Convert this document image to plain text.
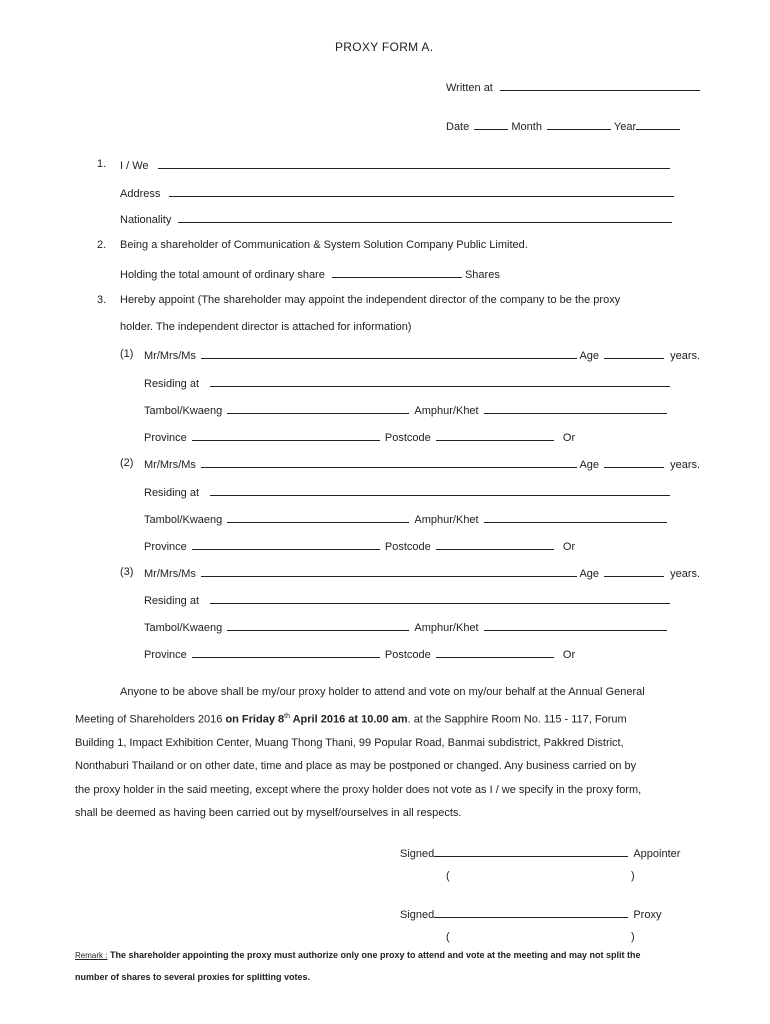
PROXY FORM A.
Written at
Date	Month	Year
1. I / We
Address
Nationality
2. Being a shareholder of Communication & System Solution Company Public Limited.
Holding the total amount of ordinary share	Shares
3. Hereby appoint (The shareholder may appoint the independent director of the company to be the proxy
holder. The independent director is attached for information)
(1) Mr/Mrs/Ms	Age	years.
Residing at
Tambol/Kwaeng	Amphur/Khet
Province	Postcode	Or
(2) Mr/Mrs/Ms	Age	years.
Residing at
Tambol/Kwaeng	Amphur/Khet
Province	Postcode	Or
(3) Mr/Mrs/Ms	Age	years.
Residing at
Tambol/Kwaeng	Amphur/Khet
Province	Postcode	Or

Anyone to be above shall be my/our proxy holder to attend and vote on my/our behalf at the Annual General

Meeting of Shareholders 2016 on Friday 8th April 2016 at 10.00 am. at the Sapphire Room No. 115 - 117, Forum

Building 1, Impact Exhibition Center, Muang Thong Thani, 99 Popular Road, Banmai subdistrict, Pakkred District,

Nonthaburi Thailand or on other date, time and place as may be postponed or changed. Any business carried on by

the proxy holder in the said meeting, except where the proxy holder does not vote as I / we specify in the proxy form,

shall be deemed as having been carried out by myself/ourselves in all respects.

Signed	Appointer
(	)
Signed	Proxy
(	)
Remark : The shareholder appointing the proxy must authorize only one proxy to attend and vote at the meeting and may not split the
number of shares to several proxies for splitting votes.
